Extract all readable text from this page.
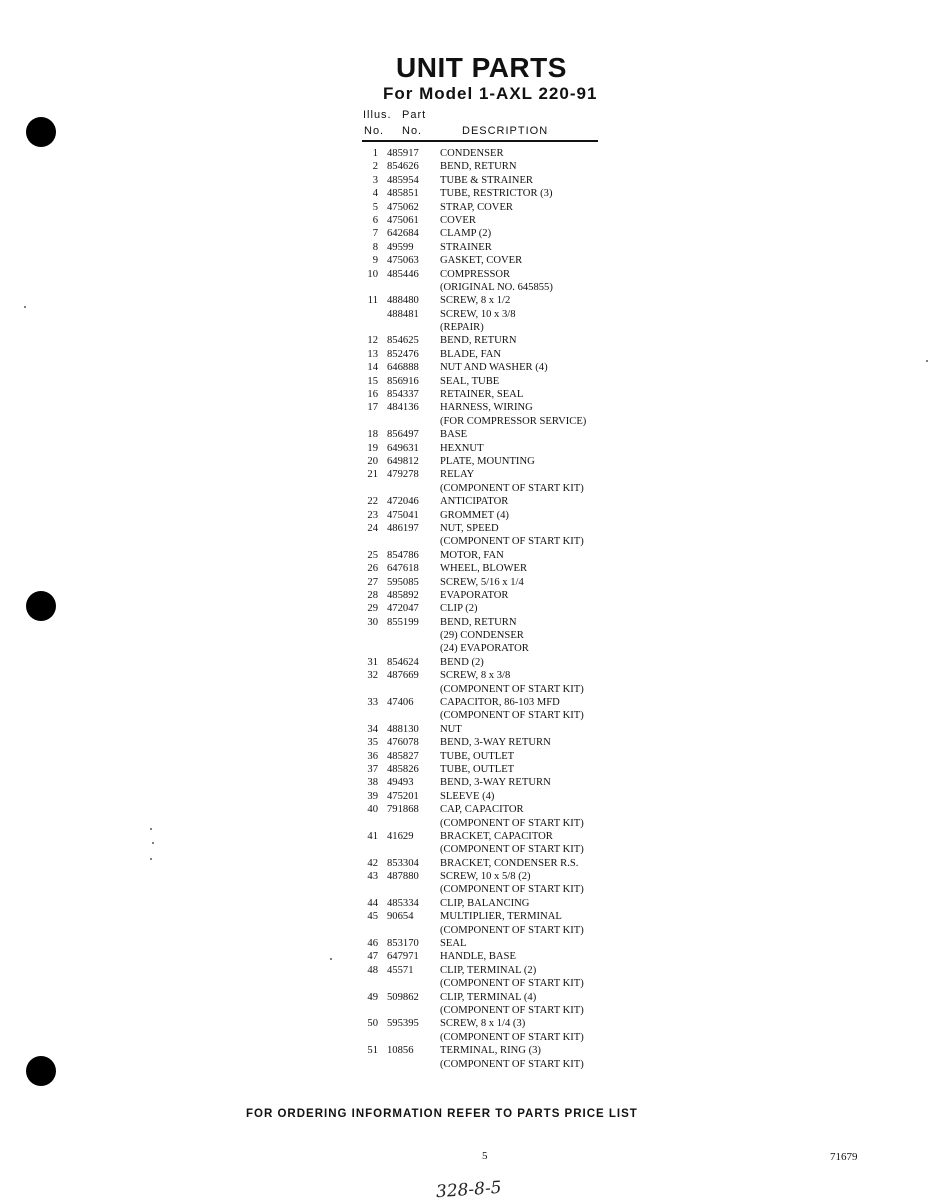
UNIT PARTS
For Model 1-AXL 220-91
Illus. Part
No. No.	DESCRIPTION
1 485917 CONDENSER
2 854626 BEND, RETURN
3 485954 TUBE & STRAINER
4 485851 TUBE, RESTRICTOR (3)
5 475062 STRAP, COVER
6 475061 COVER
7 642684 CLAMP (2)
8 49599	STRAINER
9 475063 GASKET, COVER
10 485446 COMPRESSOR
(ORIGINAL NO. 645855)
11 488480 SCREW, 8 x 1/2
488481 SCREW, 10 x 3/8
(REPAIR)
12 854625 BEND, RETURN
13 852476 BLADE, FAN
14 646888 NUT AND WASHER (4)
15 856916 SEAL, TUBE
16 854337 RETAINER, SEAL
17 484136 HARNESS, WIRING
(FOR COMPRESSOR SERVICE)
18 856497 BASE
19 649631 HEXNUT
20 649812 PLATE, MOUNTING
21 479278 RELAY
(COMPONENT OF START KIT)
22 472046 ANTICIPATOR
23 475041 GROMMET (4)
24 486197 NUT, SPEED
(COMPONENT OF START KIT)
25 854786 MOTOR, FAN
26 647618 WHEEL, BLOWER
27 595085 SCREW, 5/16 x 1/4
28 485892 EVAPORATOR
29 472047 CLIP (2)
30 855199 BEND, RETURN
(29) CONDENSER
(24) EVAPORATOR
31 854624 BEND (2)
32 487669 SCREW, 8 x 3/8
(COMPONENT OF START KIT)
33 47406	CAPACITOR, 86-103 MFD
(COMPONENT OF START KIT)
34 488130 NUT
35 476078 BEND, 3-WAY RETURN
36 485827 TUBE, OUTLET
37 485826 TUBE, OUTLET
38 49493	BEND, 3-WAY RETURN
39 475201 SLEEVE (4)
40 791868 CAP, CAPACITOR
(COMPONENT OF START KIT)
41 41629	BRACKET, CAPACITOR
(COMPONENT OF START KIT)
42 853304 BRACKET, CONDENSER R.S.
43 487880 SCREW, 10 x 5/8 (2)
(COMPONENT OF START KIT)
44 485334 CLIP, BALANCING
45 90654	MULTIPLIER, TERMINAL
(COMPONENT OF START KIT)
46 853170 SEAL
47 647971 HANDLE, BASE
48 45571	CLIP, TERMINAL (2)
(COMPONENT OF START KIT)
49 509862 CLIP, TERMINAL (4)
(COMPONENT OF START KIT)
50 595395 SCREW, 8 x 1/4 (3)
(COMPONENT OF START KIT)
51 10856	TERMINAL, RING (3)
(COMPONENT OF START KIT)

FOR ORDERING INFORMATION REFER TO PARTS PRICE LIST

5	71679
328-8-5
